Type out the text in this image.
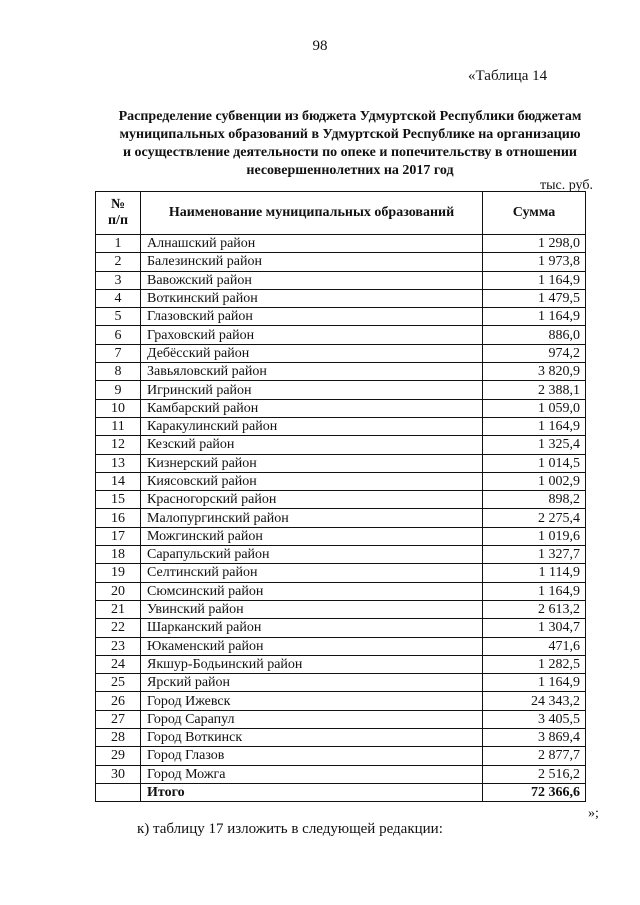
98
«Таблица 14
Распределение субвенции из бюджета Удмуртской Республики бюджетам
муниципальных образований в Удмуртской Республике на организацию
и осуществление деятельности по опеке и попечительству в отношении
несовершеннолетних на 2017 год
тыс. руб.
№
п/п	Наименование муниципальных образований	Сумма
1	Алнашский район	1 298,0
2	Балезинский район	1 973,8
3	Вавожский район	1 164,9
4	Воткинский район	1 479,5
5	Глазовский район	1 164,9
6	Граховский район	886,0
7	Дебёсский район	974,2
8	Завьяловский район	3 820,9
9	Игринский район	2 388,1
10	Камбарский район	1 059,0
11	Каракулинский район	1 164,9
12	Кезский район	1 325,4
13	Кизнерский район	1 014,5
14	Киясовский район	1 002,9
15	Красногорский район	898,2
16	Малопургинский район	2 275,4
17	Можгинский район	1 019,6
18	Сарапульский район	1 327,7
19	Селтинский район	1 114,9
20	Сюмсинский район	1 164,9
21	Увинский район	2 613,2
22	Шарканский район	1 304,7
23	Юкаменский район	471,6
24	Якшур-Бодьинский район	1 282,5
25	Ярский район	1 164,9
26	Город Ижевск	24 343,2
27	Город Сарапул	3 405,5
28	Город Воткинск	3 869,4
29	Город Глазов	2 877,7
30	Город Можга	2 516,2
	Итого	72 366,6
»;
к) таблицу 17 изложить в следующей редакции:
